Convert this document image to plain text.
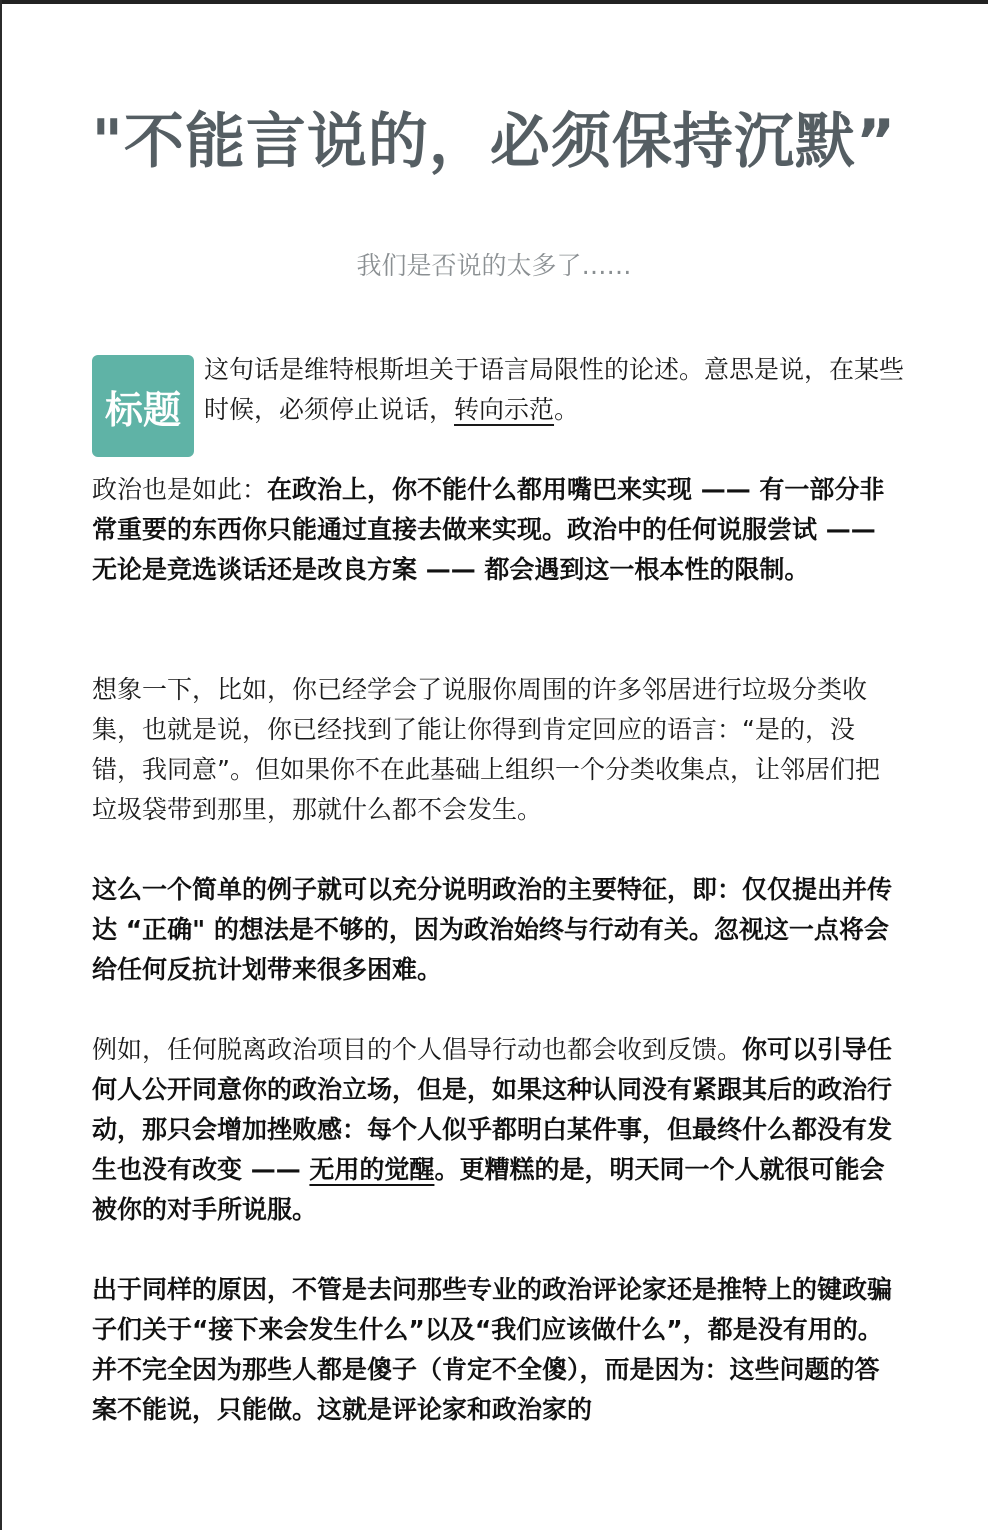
"不能言说的，必须保持沉默”
我们是否说的太多了……
标题
这句话是维特根斯坦关于语言局限性的论述。意思是说，在某些时候，必须停止说话，转向示范。

政治也是如此：在政治上，你不能什么都用嘴巴来实现 —— 有一部分非常重要的东西你只能通过直接去做来实现。政治中的任何说服尝试 —— 无论是竞选谈话还是改良方案 —— 都会遇到这一根本性的限制。

想象一下，比如，你已经学会了说服你周围的许多邻居进行垃圾分类收集，也就是说，你已经找到了能让你得到肯定回应的语言：“是的，没错，我同意”。但如果你不在此基础上组织一个分类收集点，让邻居们把垃圾袋带到那里，那就什么都不会发生。

这么一个简单的例子就可以充分说明政治的主要特征，即：仅仅提出并传达 “正确" 的想法是不够的，因为政治始终与行动有关。忽视这一点将会给任何反抗计划带来很多困难。

例如，任何脱离政治项目的个人倡导行动也都会收到反馈。你可以引导任何人公开同意你的政治立场，但是，如果这种认同没有紧跟其后的政治行动，那只会增加挫败感：每个人似乎都明白某件事，但最终什么都没有发生也没有改变 —— 无用的觉醒。更糟糕的是，明天同一个人就很可能会被你的对手所说服。

出于同样的原因，不管是去问那些专业的政治评论家还是推特上的键政骗子们关于“接下来会发生什么”以及“我们应该做什么”，都是没有用的。并不完全因为那些人都是傻子（肯定不全傻），而是因为：这些问题的答案不能说，只能做。这就是评论家和政治家的
